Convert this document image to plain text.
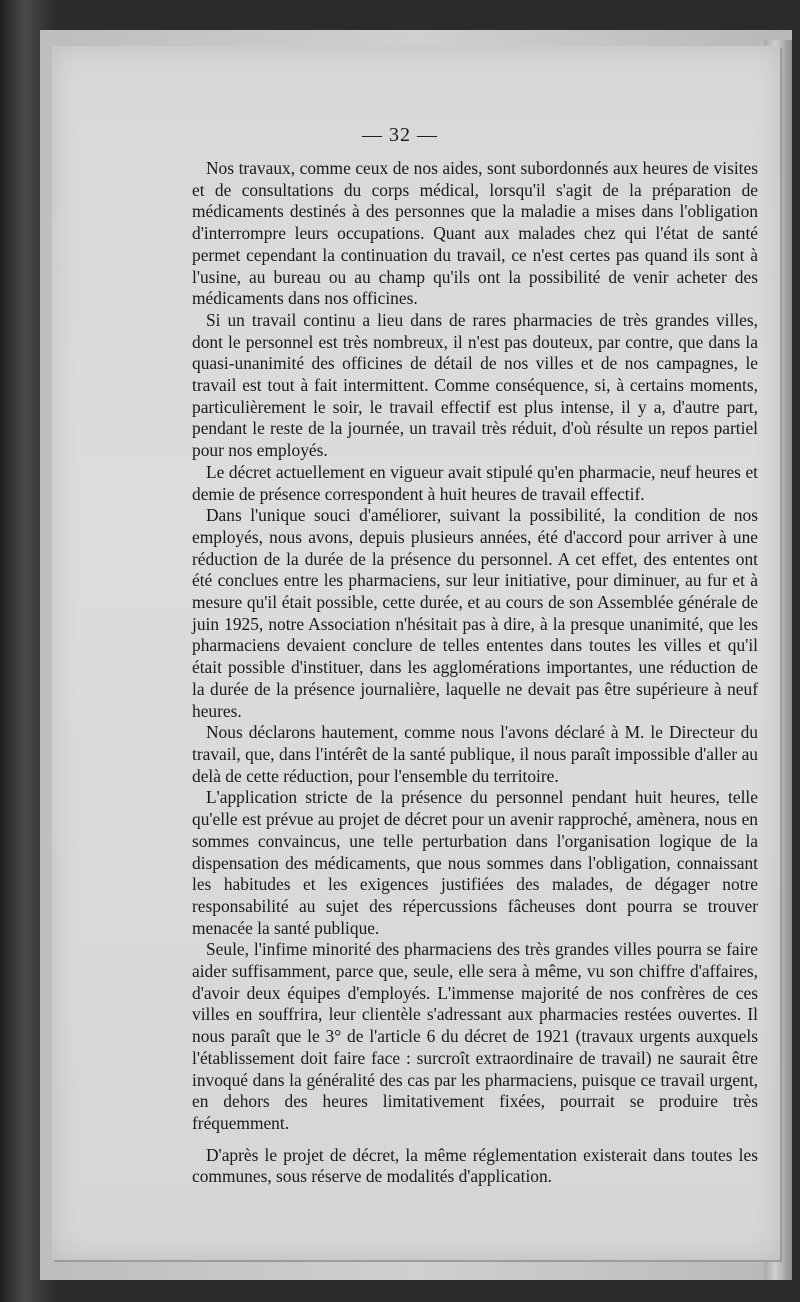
— 32 —

Nos travaux, comme ceux de nos aides, sont subordonnés aux heures de visites et de consultations du corps médical, lorsqu'il s'agit de la préparation de médicaments destinés à des personnes que la maladie a mises dans l'obligation d'interrompre leurs occupations. Quant aux malades chez qui l'état de santé permet cependant la continuation du travail, ce n'est certes pas quand ils sont à l'usine, au bureau ou au champ qu'ils ont la possibilité de venir acheter des médicaments dans nos officines.

Si un travail continu a lieu dans de rares pharmacies de très grandes villes, dont le personnel est très nombreux, il n'est pas douteux, par contre, que dans la quasi-unanimité des officines de détail de nos villes et de nos campagnes, le travail est tout à fait intermittent. Comme conséquence, si, à certains moments, particulièrement le soir, le travail effectif est plus intense, il y a, d'autre part, pendant le reste de la journée, un travail très réduit, d'où résulte un repos partiel pour nos employés.

Le décret actuellement en vigueur avait stipulé qu'en pharmacie, neuf heures et demie de présence correspondent à huit heures de travail effectif.

Dans l'unique souci d'améliorer, suivant la possibilité, la condition de nos employés, nous avons, depuis plusieurs années, été d'accord pour arriver à une réduction de la durée de la présence du personnel. A cet effet, des ententes ont été conclues entre les pharmaciens, sur leur initiative, pour diminuer, au fur et à mesure qu'il était possible, cette durée, et au cours de son Assemblée générale de juin 1925, notre Association n'hésitait pas à dire, à la presque unanimité, que les pharmaciens devaient conclure de telles ententes dans toutes les villes et qu'il était possible d'instituer, dans les agglomérations importantes, une réduction de la durée de la présence journalière, laquelle ne devait pas être supérieure à neuf heures.

Nous déclarons hautement, comme nous l'avons déclaré à M. le Directeur du travail, que, dans l'intérêt de la santé publique, il nous paraît impossible d'aller au delà de cette réduction, pour l'ensemble du territoire.

L'application stricte de la présence du personnel pendant huit heures, telle qu'elle est prévue au projet de décret pour un avenir rapproché, amènera, nous en sommes convaincus, une telle perturbation dans l'organisation logique de la dispensation des médicaments, que nous sommes dans l'obligation, connaissant les habitudes et les exigences justifiées des malades, de dégager notre responsabilité au sujet des répercussions fâcheuses dont pourra se trouver menacée la santé publique.

Seule, l'infime minorité des pharmaciens des très grandes villes pourra se faire aider suffisamment, parce que, seule, elle sera à même, vu son chiffre d'affaires, d'avoir deux équipes d'employés. L'immense majorité de nos confrères de ces villes en souffrira, leur clientèle s'adressant aux pharmacies restées ouvertes. Il nous paraît que le 3° de l'article 6 du décret de 1921 (travaux urgents auxquels l'établissement doit faire face : surcroît extraordinaire de travail) ne saurait être invoqué dans la généralité des cas par les pharmaciens, puisque ce travail urgent, en dehors des heures limitativement fixées, pourrait se produire très fréquemment.

D'après le projet de décret, la même réglementation existerait dans toutes les communes, sous réserve de modalités d'application.
